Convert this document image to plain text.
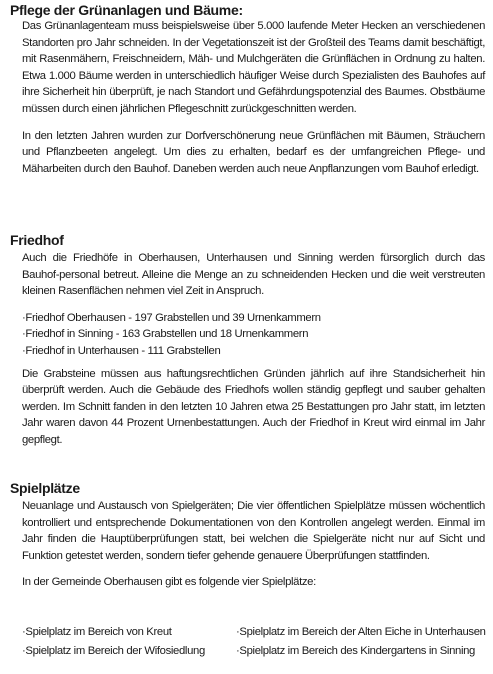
Pflege der Grünanlagen und Bäume:

Das Grünanlagenteam muss beispielsweise über 5.000 laufende Meter Hecken an verschiedenen Standorten pro Jahr schneiden. In der Vegetationszeit ist der Großteil des Teams damit beschäftigt, mit Rasenmähern, Freischneidern, Mäh- und Mulchgeräten die Grünflächen in Ordnung zu halten. Etwa 1.000 Bäume werden in unterschiedlich häufiger Weise durch Spezialisten des Bauhofes auf ihre Sicherheit hin überprüft, je nach Standort und Gefährdungspotenzial des Baumes. Obstbäume müssen durch einen jährlichen Pflegeschnitt zurückgeschnitten werden.

In den letzten Jahren wurden zur Dorfverschönerung neue Grünflächen mit Bäumen, Sträuchern und Pflanzbeeten angelegt. Um dies zu erhalten, bedarf es der umfangreichen Pflege- und Mäharbeiten durch den Bauhof. Daneben werden auch neue Anpflanzungen vom Bauhof erledigt.

Friedhof

Auch die Friedhöfe in Oberhausen, Unterhausen und Sinning werden fürsorglich durch das Bauhof-personal betreut. Alleine die Menge an zu schneidenden Hecken und die weit verstreuten kleinen Rasenflächen nehmen viel Zeit in Anspruch.

·Friedhof Oberhausen - 197 Grabstellen und 39 Urnenkammern
·Friedhof in Sinning - 163 Grabstellen und 18 Urnenkammern
·Friedhof in Unterhausen - 111 Grabstellen

Die Grabsteine müssen aus haftungsrechtlichen Gründen jährlich auf ihre Standsicherheit hin überprüft werden. Auch die Gebäude des Friedhofs wollen ständig gepflegt und sauber gehalten werden. Im Schnitt fanden in den letzten 10 Jahren etwa 25 Bestattungen pro Jahr statt, im letzten Jahr waren davon 44 Prozent Urnenbestattungen. Auch der Friedhof in Kreut wird einmal im Jahr gepflegt.

Spielplätze

Neuanlage und Austausch von Spielgeräten; Die vier öffentlichen Spielplätze müssen wöchentlich kontrolliert und entsprechende Dokumentationen von den Kontrollen angelegt werden. Einmal im Jahr finden die Hauptüberprüfungen statt, bei welchen die Spielgeräte nicht nur auf Sicht und Funktion getestet werden, sondern tiefer gehende genauere Überprüfungen stattfinden.

In der Gemeinde Oberhausen gibt es folgende vier Spielplätze:

·Spielplatz im Bereich von Kreut	·Spielplatz im Bereich der Alten Eiche in Unterhausen
·Spielplatz im Bereich der Wifosiedlung	·Spielplatz im Bereich des Kindergartens in Sinning
